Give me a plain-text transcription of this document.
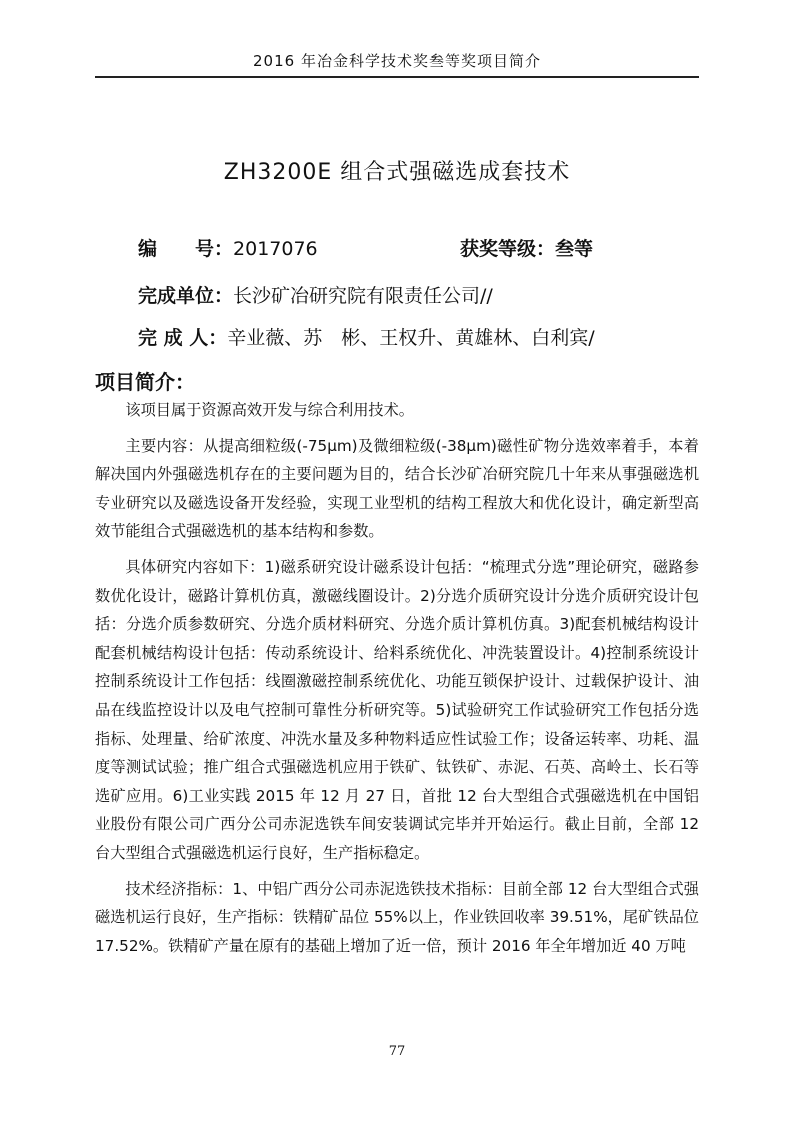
2016 年冶金科学技术奖叁等奖项目简介
ZH3200E 组合式强磁选成套技术
编　　号：2017076	获奖等级：叁等
完成单位：长沙矿冶研究院有限责任公司//
完 成 人：辛业薇、苏　彬、王权升、黄雄林、白利宾/
项目简介：

该项目属于资源高效开发与综合利用技术。

主要内容：从提高细粒级(-75μm)及微细粒级(-38μm)磁性矿物分选效率着手，本着解决国内外强磁选机存在的主要问题为目的，结合长沙矿冶研究院几十年来从事强磁选机专业研究以及磁选设备开发经验，实现工业型机的结构工程放大和优化设计，确定新型高效节能组合式强磁选机的基本结构和参数。

具体研究内容如下：1)磁系研究设计磁系设计包括：“梳理式分选”理论研究，磁路参数优化设计，磁路计算机仿真，激磁线圈设计。2)分选介质研究设计分选介质研究设计包括：分选介质参数研究、分选介质材料研究、分选介质计算机仿真。3)配套机械结构设计配套机械结构设计包括：传动系统设计、给料系统优化、冲洗装置设计。4)控制系统设计控制系统设计工作包括：线圈激磁控制系统优化、功能互锁保护设计、过载保护设计、油品在线监控设计以及电气控制可靠性分析研究等。5)试验研究工作试验研究工作包括分选指标、处理量、给矿浓度、冲洗水量及多种物料适应性试验工作；设备运转率、功耗、温度等测试试验；推广组合式强磁选机应用于铁矿、钛铁矿、赤泥、石英、高岭土、长石等选矿应用。6)工业实践 2015 年 12 月 27 日，首批 12 台大型组合式强磁选机在中国铝业股份有限公司广西分公司赤泥选铁车间安装调试完毕并开始运行。截止目前，全部 12 台大型组合式强磁选机运行良好，生产指标稳定。

技术经济指标：1、中铝广西分公司赤泥选铁技术指标：目前全部 12 台大型组合式强磁选机运行良好，生产指标：铁精矿品位 55%以上，作业铁回收率 39.51%，尾矿铁品位 17.52%。铁精矿产量在原有的基础上增加了近一倍，预计 2016 年全年增加近 40 万吨

77
